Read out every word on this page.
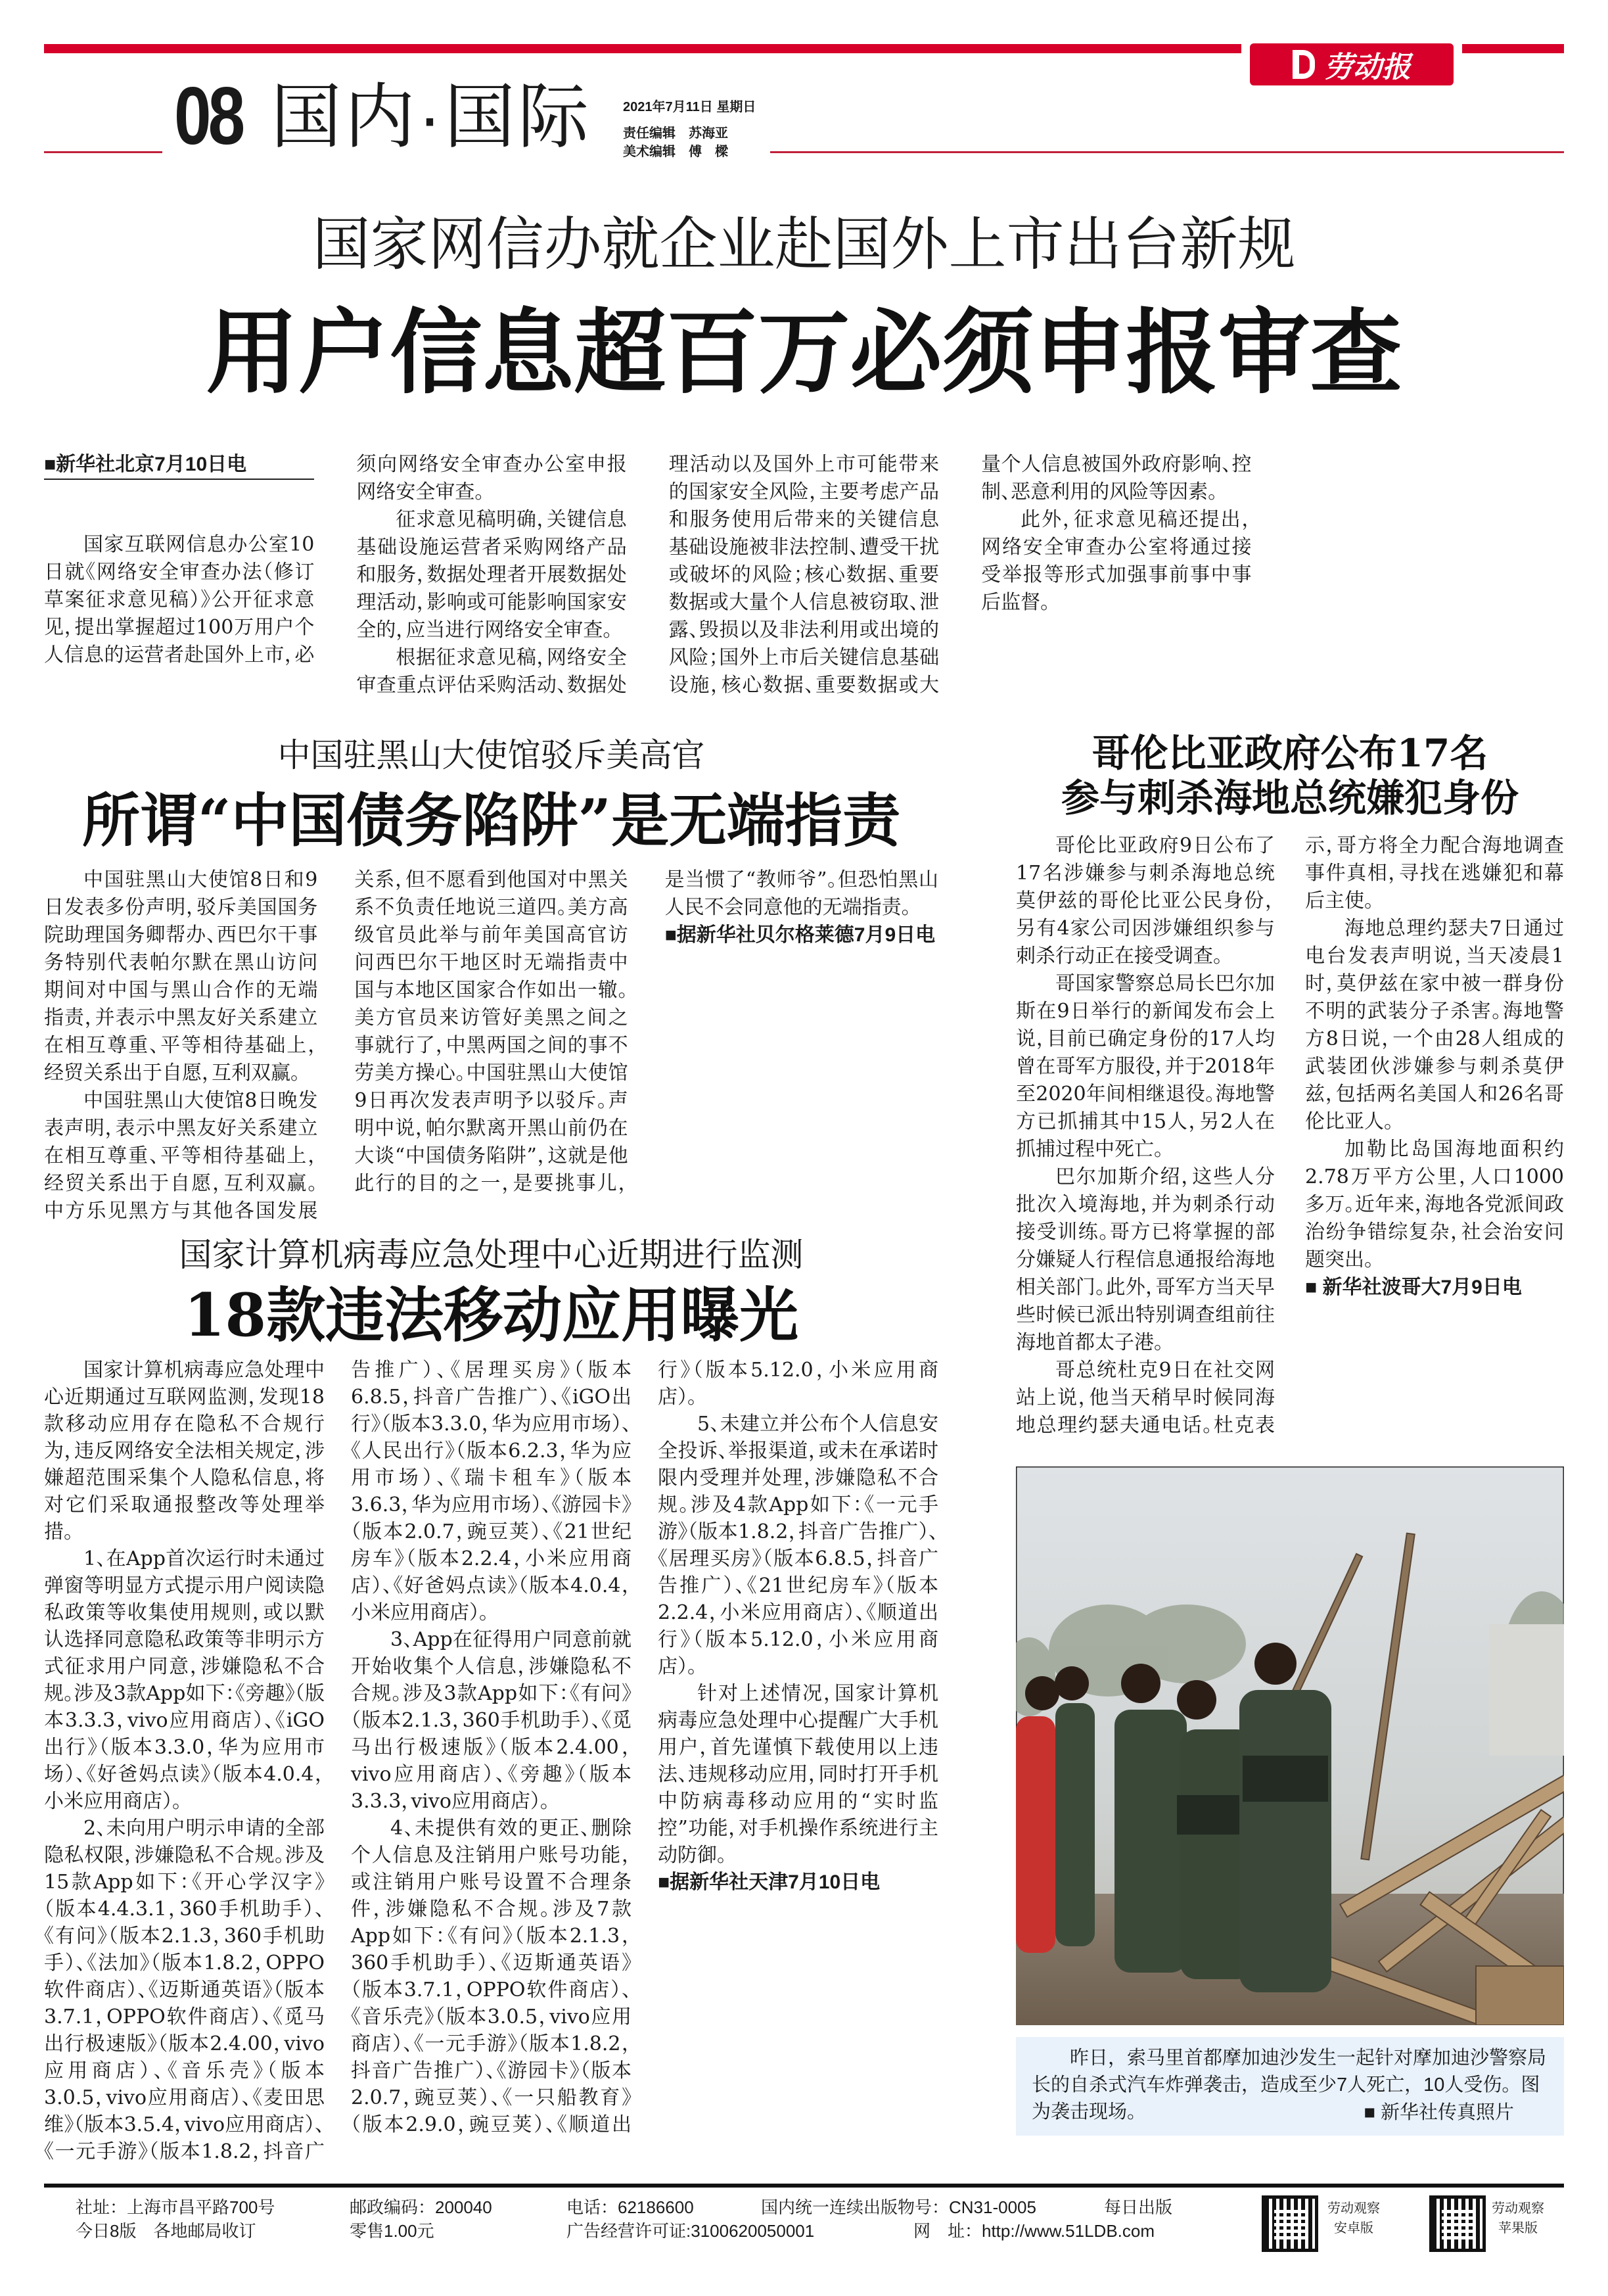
劳动报
08 国内·国际 2021年7月11日 星期日
责任编辑　苏海亚
美术编辑　傅　樑
国家网信办就企业赴国外上市出台新规
用户信息超百万必须申报审查

■新华社北京7月10日电

国家互联网信息办公室10日就《网络安全审查办法（修订草案征求意见稿）》公开征求意见，提出掌握超过100万用户个人信息的运营者赴国外上市，必须向网络安全审查办公室申报网络安全审查。

征求意见稿明确，关键信息基础设施运营者采购网络产品和服务，数据处理者开展数据处理活动，影响或可能影响国家安全的，应当进行网络安全审查。

根据征求意见稿，网络安全审查重点评估采购活动、数据处理活动以及国外上市可能带来的国家安全风险，主要考虑产品和服务使用后带来的关键信息基础设施被非法控制、遭受干扰或破坏的风险；核心数据、重要数据或大量个人信息被窃取、泄露、毁损以及非法利用或出境的风险；国外上市后关键信息基础设施，核心数据、重要数据或大量个人信息被国外政府影响、控制、恶意利用的风险等因素。

此外，征求意见稿还提出，网络安全审查办公室将通过接受举报等形式加强事前事中事后监督。

中国驻黑山大使馆驳斥美高官
所谓“中国债务陷阱”是无端指责

中国驻黑山大使馆8日和9日发表多份声明，驳斥美国国务院助理国务卿帮办、西巴尔干事务特别代表帕尔默在黑山访问期间对中国与黑山合作的无端指责，并表示中黑友好关系建立在相互尊重、平等相待基础上，经贸关系出于自愿，互利双赢。

中国驻黑山大使馆8日晚发表声明，表示中黑友好关系建立在相互尊重、平等相待基础上，经贸关系出于自愿，互利双赢。中方乐见黑方与其他各国发展关系，但不愿看到他国对中黑关系不负责任地说三道四。美方高级官员此举与前年美国高官访问西巴尔干地区时无端指责中国与本地区国家合作如出一辙。美方官员来访管好美黑之间之事就行了，中黑两国之间的事不劳美方操心。中国驻黑山大使馆9日再次发表声明予以驳斥。声明中说，帕尔默离开黑山前仍在大谈“中国债务陷阱”，这就是他此行的目的之一，是要挑事儿，是当惯了“教师爷”。但恐怕黑山人民不会同意他的无端指责。

■据新华社贝尔格莱德7月9日电

哥伦比亚政府公布17名
参与刺杀海地总统嫌犯身份

哥伦比亚政府9日公布了17名涉嫌参与刺杀海地总统莫伊兹的哥伦比亚公民身份，另有4家公司因涉嫌组织参与刺杀行动正在接受调查。

哥国家警察总局长巴尔加斯在9日举行的新闻发布会上说，目前已确定身份的17人均曾在哥军方服役，并于2018年至2020年间相继退役。海地警方已抓捕其中15人，另2人在抓捕过程中死亡。

巴尔加斯介绍，这些人分批次入境海地，并为刺杀行动接受训练。哥方已将掌握的部分嫌疑人行程信息通报给海地相关部门。此外，哥军方当天早些时候已派出特别调查组前往海地首都太子港。

哥总统杜克9日在社交网站上说，他当天稍早时候同海地总理约瑟夫通电话。杜克表示，哥方将全力配合海地调查事件真相，寻找在逃嫌犯和幕后主使。

海地总理约瑟夫7日通过电台发表声明说，当天凌晨1时，莫伊兹在家中被一群身份不明的武装分子杀害。海地警方8日说，一个由28人组成的武装团伙涉嫌参与刺杀莫伊兹，包括两名美国人和26名哥伦比亚人。

加勒比岛国海地面积约2.78万平方公里，人口1000多万。近年来，海地各党派间政治纷争错综复杂，社会治安问题突出。

■ 新华社波哥大7月9日电

国家计算机病毒应急处理中心近期进行监测
18款违法移动应用曝光

国家计算机病毒应急处理中心近期通过互联网监测，发现18款移动应用存在隐私不合规行为，违反网络安全法相关规定，涉嫌超范围采集个人隐私信息，将对它们采取通报整改等处理举措。

1、在App首次运行时未通过弹窗等明显方式提示用户阅读隐私政策等收集使用规则，或以默认选择同意隐私政策等非明示方式征求用户同意，涉嫌隐私不合规。涉及3款App如下：《旁趣》（版本3.3.3，vivo应用商店）、《iGO出行》（版本3.3.0，华为应用市场）、《好爸妈点读》（版本4.0.4，小米应用商店）。

2、未向用户明示申请的全部隐私权限，涉嫌隐私不合规。涉及15款App如下：《开心学汉字》（版本4.4.3.1，360手机助手）、《有问》（版本2.1.3，360手机助手）、《法加》（版本1.8.2，OPPO软件商店）、《迈斯通英语》（版本3.7.1，OPPO软件商店）、《觅马出行极速版》（版本2.4.00，vivo应用商店）、《音乐壳》（版本3.0.5，vivo应用商店）、《麦田思维》（版本3.5.4，vivo应用商店）、《一元手游》（版本1.8.2，抖音广告推广）、《居理买房》（版本6.8.5，抖音广告推广）、《iGO出行》（版本3.3.0，华为应用市场）、《人民出行》（版本6.2.3，华为应用市场）、《瑞卡租车》（版本3.6.3，华为应用市场）、《游园卡》（版本2.0.7，豌豆荚）、《21世纪房车》（版本2.2.4，小米应用商店）、《好爸妈点读》（版本4.0.4，小米应用商店）。

3、App在征得用户同意前就开始收集个人信息，涉嫌隐私不合规。涉及3款App如下：《有问》（版本2.1.3，360手机助手）、《觅马出行极速版》（版本2.4.00，vivo应用商店）、《旁趣》（版本3.3.3，vivo应用商店）。

4、未提供有效的更正、删除个人信息及注销用户账号功能，或注销用户账号设置不合理条件，涉嫌隐私不合规。涉及7款App如下：《有问》（版本2.1.3，360手机助手）、《迈斯通英语》（版本3.7.1，OPPO软件商店）、《音乐壳》（版本3.0.5，vivo应用商店）、《一元手游》（版本1.8.2，抖音广告推广）、《游园卡》（版本2.0.7，豌豆荚）、《一只船教育》（版本2.9.0，豌豆荚）、《顺道出行》（版本5.12.0，小米应用商店）。

5、未建立并公布个人信息安全投诉、举报渠道，或未在承诺时限内受理并处理，涉嫌隐私不合规。涉及4款App如下：《一元手游》（版本1.8.2，抖音广告推广）、《居理买房》（版本6.8.5，抖音广告推广）、《21世纪房车》（版本2.2.4，小米应用商店）、《顺道出行》（版本5.12.0，小米应用商店）。

针对上述情况，国家计算机病毒应急处理中心提醒广大手机用户，首先谨慎下载使用以上违法、违规移动应用，同时打开手机中防病毒移动应用的“实时监控”功能，对手机操作系统进行主动防御。

■据新华社天津7月10日电

昨日，索马里首都摩加迪沙发生一起针对摩加迪沙警察局长的自杀式汽车炸弹袭击，造成至少7人死亡，10人受伤。图为袭击现场。	■ 新华社传真照片
社址：上海市昌平路700号
今日8版　各地邮局收订
邮政编码：200040
零售1.00元
电话：62186600
广告经营许可证:3100620050001
国内统一连续出版物号：CN31-0005	每日出版
网　址：http://www.51LDB.com
劳动观察
安卓版
劳动观察
苹果版
